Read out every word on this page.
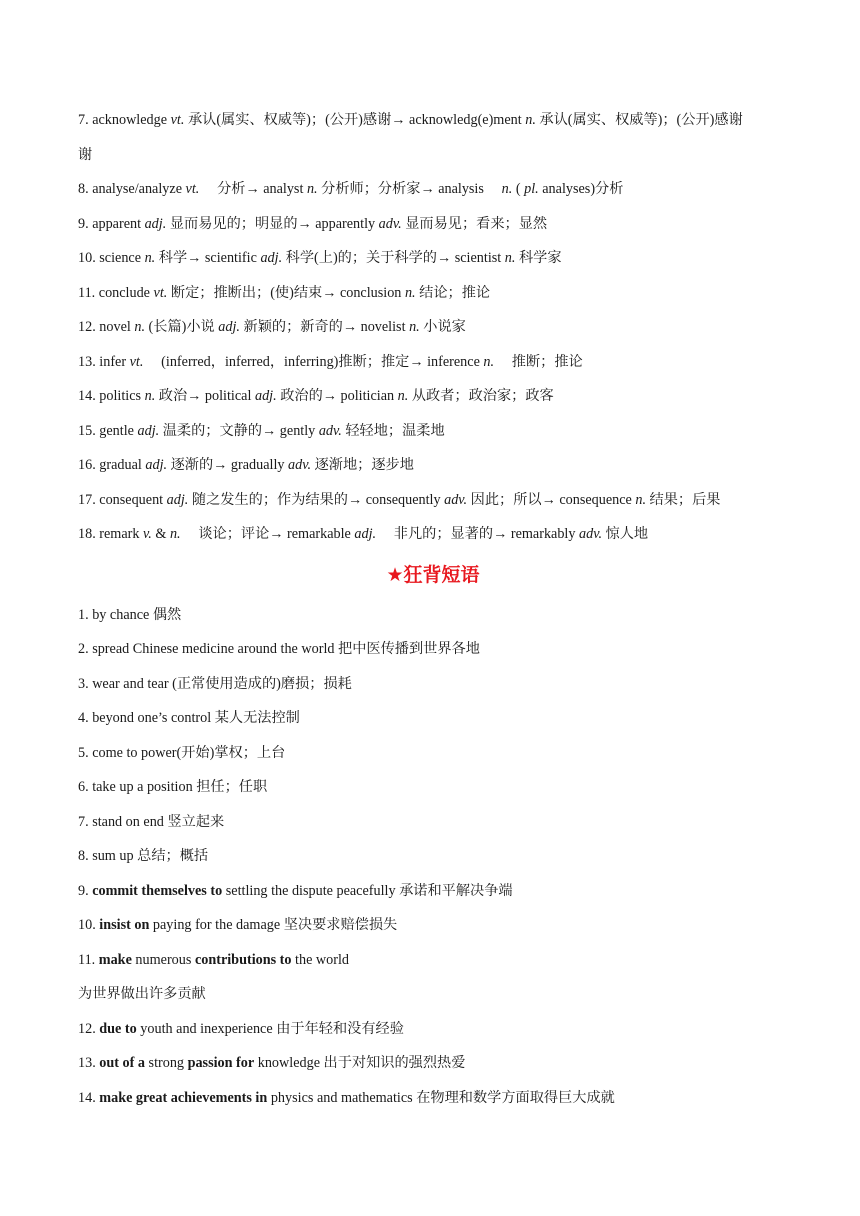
7. acknowledge vt. 承认(属实、权威等)；(公开)感谢→ acknowledg(e)ment n. 承认(属实、权威等)；(公开)感谢
谢
8. analyse/analyze vt. 　分析→ analyst n. 分析师；分析家→ analysis　 n. ( pl. analyses)分析
9. apparent adj. 显而易见的；明显的→ apparently adv. 显而易见；看来；显然
10. science n. 科学→ scientific adj. 科学(上)的；关于科学的→ scientist n. 科学家
11. conclude vt. 断定；推断出；(使)结束→ conclusion n. 结论；推论
12. novel n. (长篇)小说 adj. 新颖的；新奇的→ novelist n. 小说家
13. infer vt. 　(inferred，inferred，inferring)推断；推定→ inference n. 　推断；推论
14. politics n. 政治→ political adj. 政治的→ politician n. 从政者；政治家；政客
15. gentle adj. 温柔的；文静的→ gently adv. 轻轻地；温柔地
16. gradual adj. 逐渐的→ gradually adv. 逐渐地；逐步地
17. consequent adj. 随之发生的；作为结果的→ consequently adv. 因此；所以→ consequence n. 结果；后果
18. remark v. & n. 　谈论；评论→ remarkable adj. 　非凡的；显著的→ remarkably adv. 惊人地
★狂背短语
1. by chance 偶然
2. spread Chinese medicine around the world 把中医传播到世界各地
3. wear and tear (正常使用造成的)磨损；损耗
4. beyond one’s control 某人无法控制
5. come to power(开始)掌权；上台
6. take up a position 担任；任职
7. stand on end 竖立起来
8. sum up 总结；概括
9. commit themselves to settling the dispute peacefully 承诺和平解决争端
10. insist on paying for the damage 坚决要求赔偿损失
11. make numerous contributions to the world
为世界做出许多贡献
12. due to youth and inexperience 由于年轻和没有经验
13. out of a strong passion for knowledge 出于对知识的强烈热爱
14. make great achievements in physics and mathematics 在物理和数学方面取得巨大成就
